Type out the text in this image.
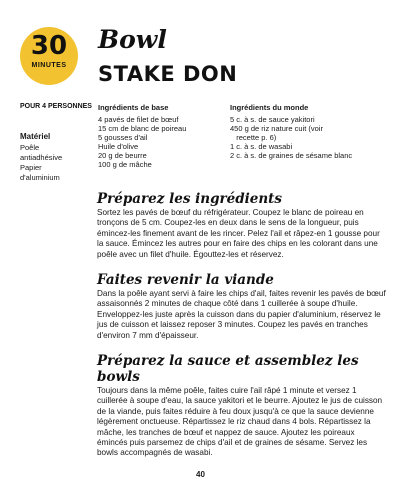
30
MINUTES
Bowl
STAKE DON
POUR 4 PERSONNES
Matériel
Poêle
antiadhésive
Papier
d'aluminium
Ingrédients de base
4 pavés de filet de bœuf
15 cm de blanc de poireau
5 gousses d'ail
Huile d'olive
20 g de beurre
100 g de mâche
Ingrédients du monde
5 c. à s. de sauce yakitori
450 g de riz nature cuit (voir
recette p. 6)
1 c. à s. de wasabi
2 c. à s. de graines de sésame blanc
Préparez les ingrédients

Sortez les pavés de bœuf du réfrigérateur. Coupez le blanc de poireau en tronçons de 5 cm. Coupez-les en deux dans le sens de la longueur, puis émincez-les finement avant de les rincer. Pelez l'ail et râpez-en 1 gousse pour la sauce. Émincez les autres pour en faire des chips en les colorant dans une poêle avec un filet d'huile. Égouttez-les et réservez.

Faites revenir la viande

Dans la poêle ayant servi à faire les chips d'ail, faites revenir les pavés de bœuf assaisonnés 2 minutes de chaque côté dans 1 cuillerée à soupe d'huile. Enveloppez-les juste après la cuisson dans du papier d'aluminium, réservez le jus de cuisson et laissez reposer 3 minutes. Coupez les pavés en tranches d'environ 7 mm d'épaisseur.

Préparez la sauce et assemblez les bowls

Toujours dans la même poêle, faites cuire l'ail râpé 1 minute et versez 1 cuillerée à soupe d'eau, la sauce yakitori et le beurre. Ajoutez le jus de cuisson de la viande, puis faites réduire à feu doux jusqu'à ce que la sauce devienne légèrement onctueuse. Répartissez le riz chaud dans 4 bols. Répartissez la mâche, les tranches de bœuf et nappez de sauce. Ajoutez les poireaux émincés puis parsemez de chips d'ail et de graines de sésame. Servez les bowls accompagnés de wasabi.

40
